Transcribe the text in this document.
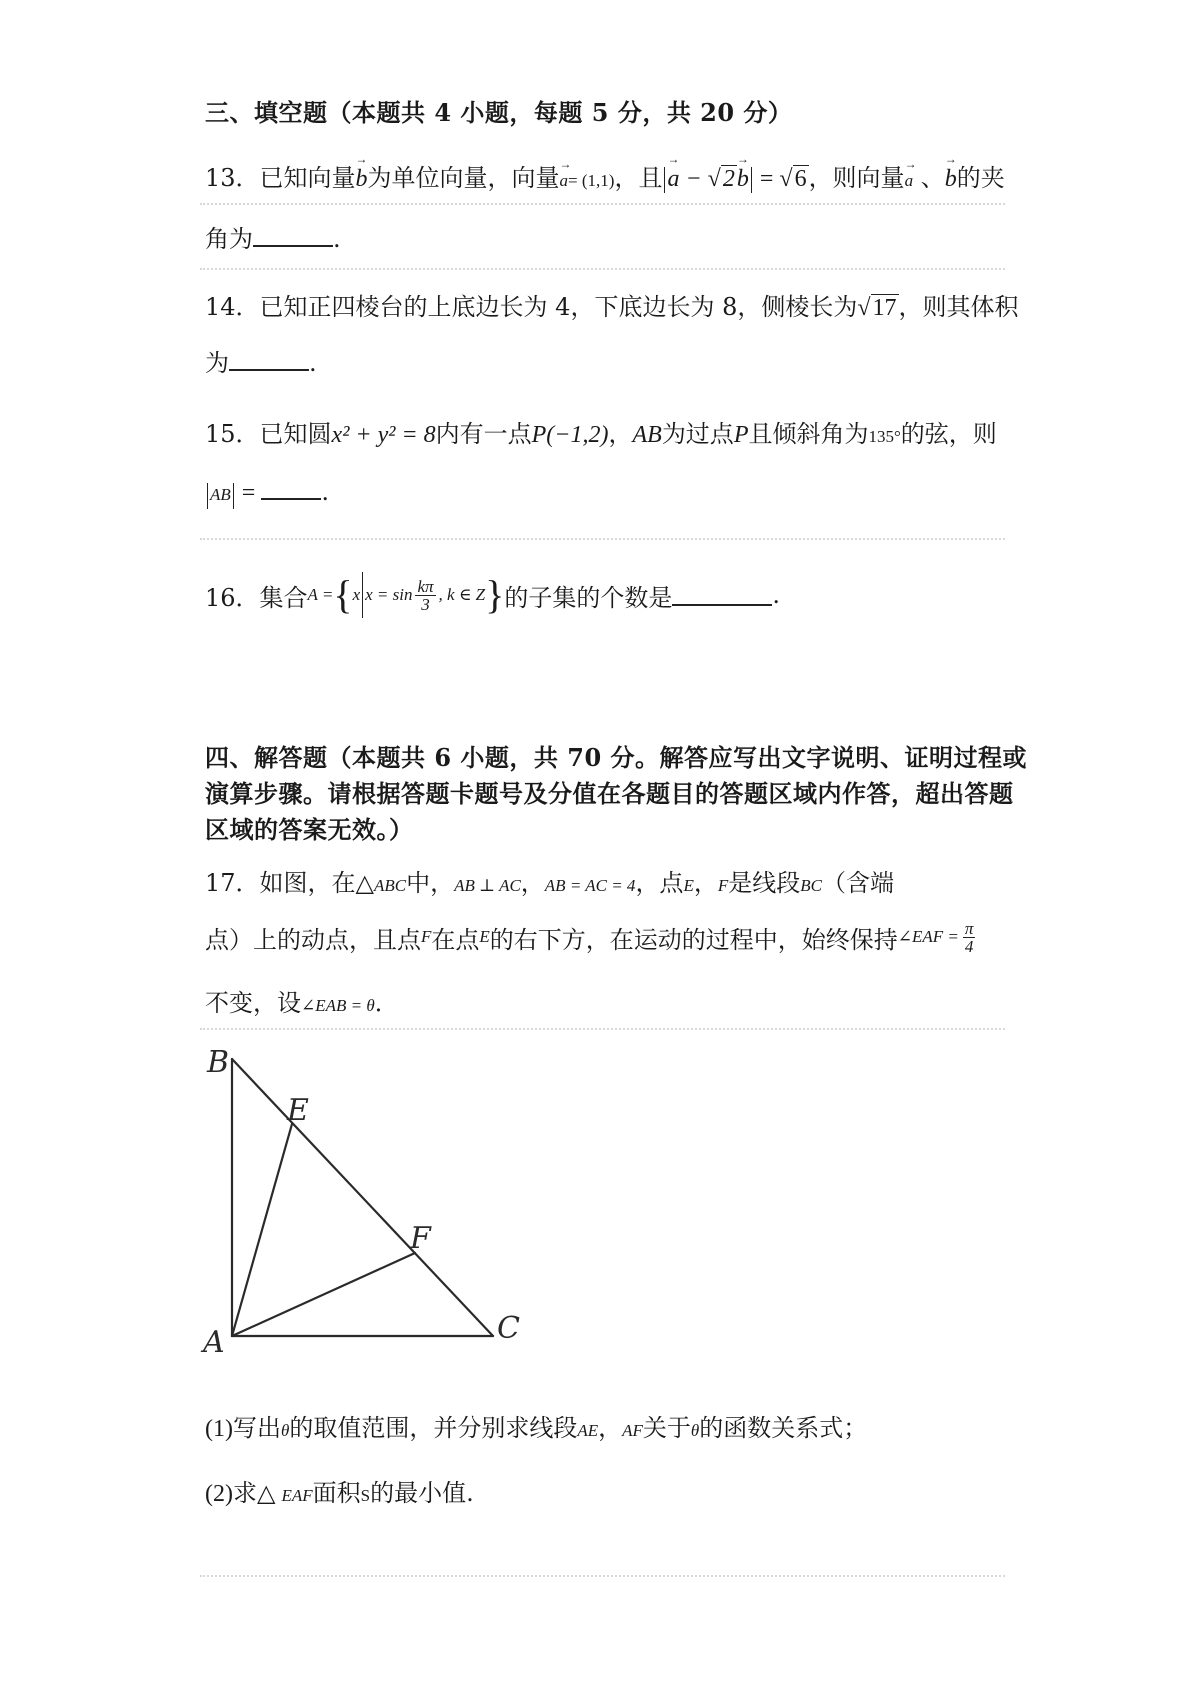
三、填空题（本题共 4 小题，每题 5 分，共 20 分）
13．已知向量→ b为单位向量，向量→ a= (1,1)，且→ a − √2→ b = √6，则向量→ a 、→ b的夹
角为	.
14．已知正四棱台的上底边长为 4，下底边长为 8，侧棱长为√17，则其体积
为	.
15．已知圆x² + y² = 8内有一点P(−1,2)，AB为过点P且倾斜角为135°的弦，则
AB =	.
16． 集合 A = { x $x = \sin \frac{k\pi}{3}$ , k ∈ Z } 的子集的个数是	.
四、解答题（本题共 6 小题，共 70 分。解答应写出文字说明、证明过程或
演算步骤。请根据答题卡题号及分值在各题目的答题区域内作答，超出答题
区域的答案无效。）
17．如图，在△ABC中，AB ⊥ AC，AB = AC = 4，点E，F是线段BC（含端
点）上的动点，且点 F 在点 E 的右下方，在运动的过程中，始终保持 ∠EAF = $\frac{\pi}{4}$
不变，设∠EAB = θ．
B
E
F
A	C
(1)写出θ的取值范围，并分别求线段AE，AF关于θ的函数关系式；
(2)求△ EAF面积S的最小值.
